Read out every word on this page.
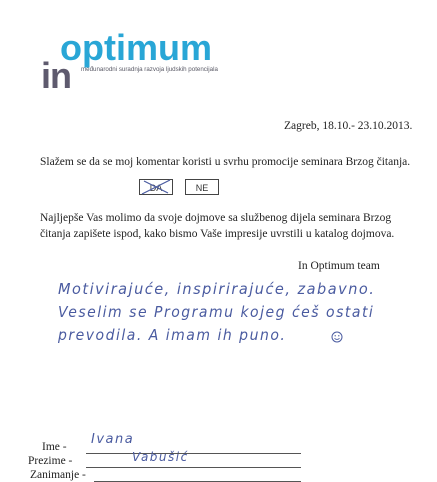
optimum
in međunarodni suradnja razvoja ljudskih potencijala
Zagreb, 18.10.- 23.10.2013.
Slažem se da se moj komentar koristi u svrhu promocije seminara Brzog čitanja.
DA	NE
Najljepše Vas molimo da svoje dojmove sa službenog dijela seminara Brzog čitanja zapišete ispod, kako bismo Vaše impresije uvrstili u katalog dojmova.
In Optimum team
Motivirajuće, inspirirajuće, zabavno.
Veselim se Programu kojeg ćeš ostati
prevodila. A imam ih puno.
Ime - Ivana
Prezime -	Vabušić
Zanimanje -
